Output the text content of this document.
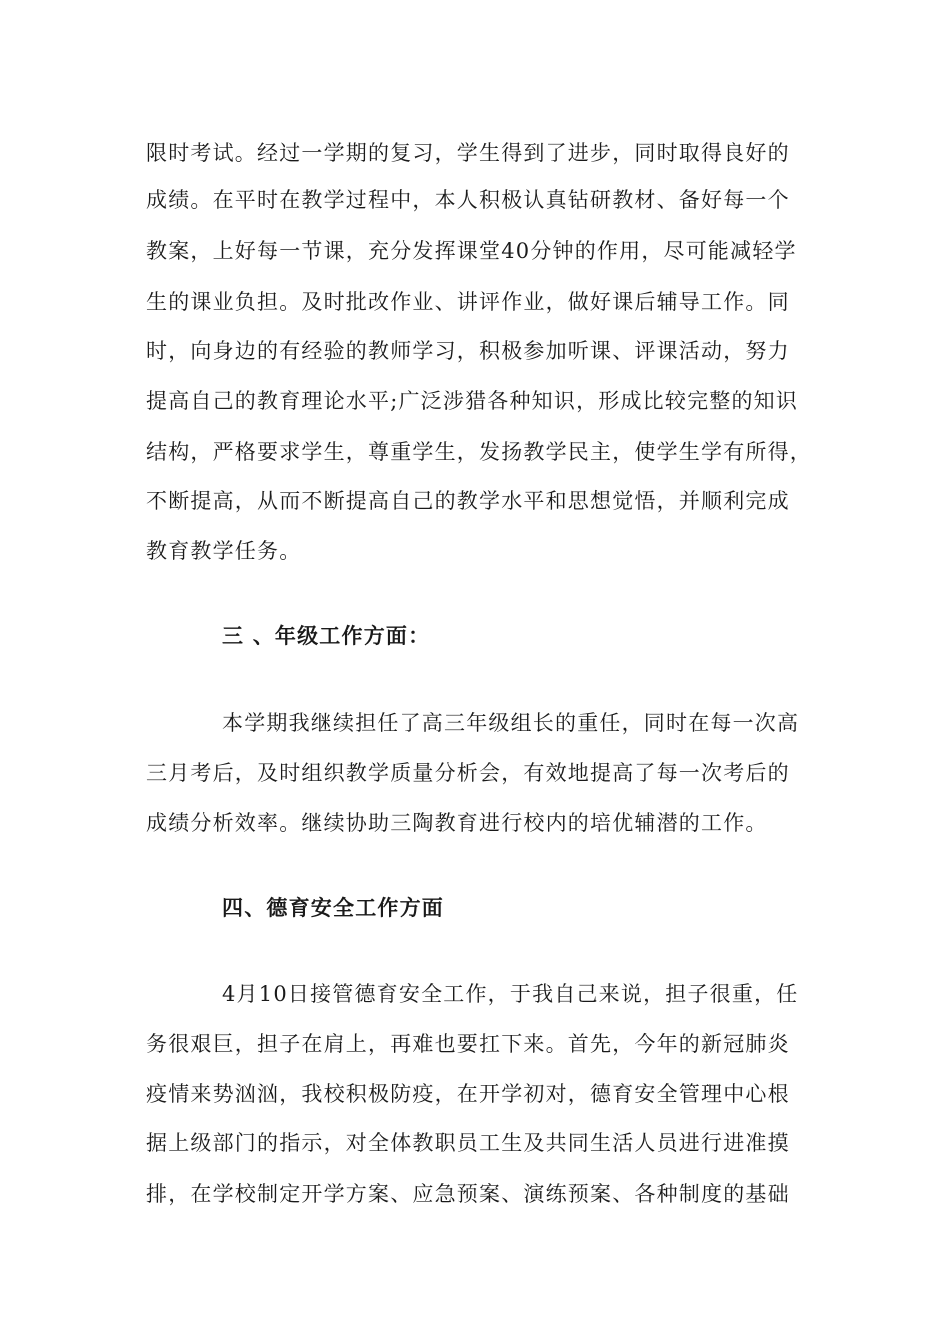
限时考试。经过一学期的复习，学生得到了进步，同时取得良好的
成绩。在平时在教学过程中，本人积极认真钻研教材、备好每一个
教案，上好每一节课，充分发挥课堂40分钟的作用，尽可能减轻学
生的课业负担。及时批改作业、讲评作业，做好课后辅导工作。同
时，向身边的有经验的教师学习，积极参加听课、评课活动，努力
提高自己的教育理论水平;广泛涉猎各种知识，形成比较完整的知识
结构，严格要求学生，尊重学生，发扬教学民主，使学生学有所得，
不断提高，从而不断提高自己的教学水平和思想觉悟，并顺利完成
教育教学任务。
三 、年级工作方面：
本学期我继续担任了高三年级组长的重任，同时在每一次高
三月考后，及时组织教学质量分析会，有效地提高了每一次考后的
成绩分析效率。继续协助三陶教育进行校内的培优辅潜的工作。
四、德育安全工作方面
4月10日接管德育安全工作，于我自己来说，担子很重，任
务很艰巨，担子在肩上，再难也要扛下来。首先，今年的新冠肺炎
疫情来势汹汹，我校积极防疫，在开学初对，德育安全管理中心根
据上级部门的指示，对全体教职员工生及共同生活人员进行进准摸
排，在学校制定开学方案、应急预案、演练预案、各种制度的基础
